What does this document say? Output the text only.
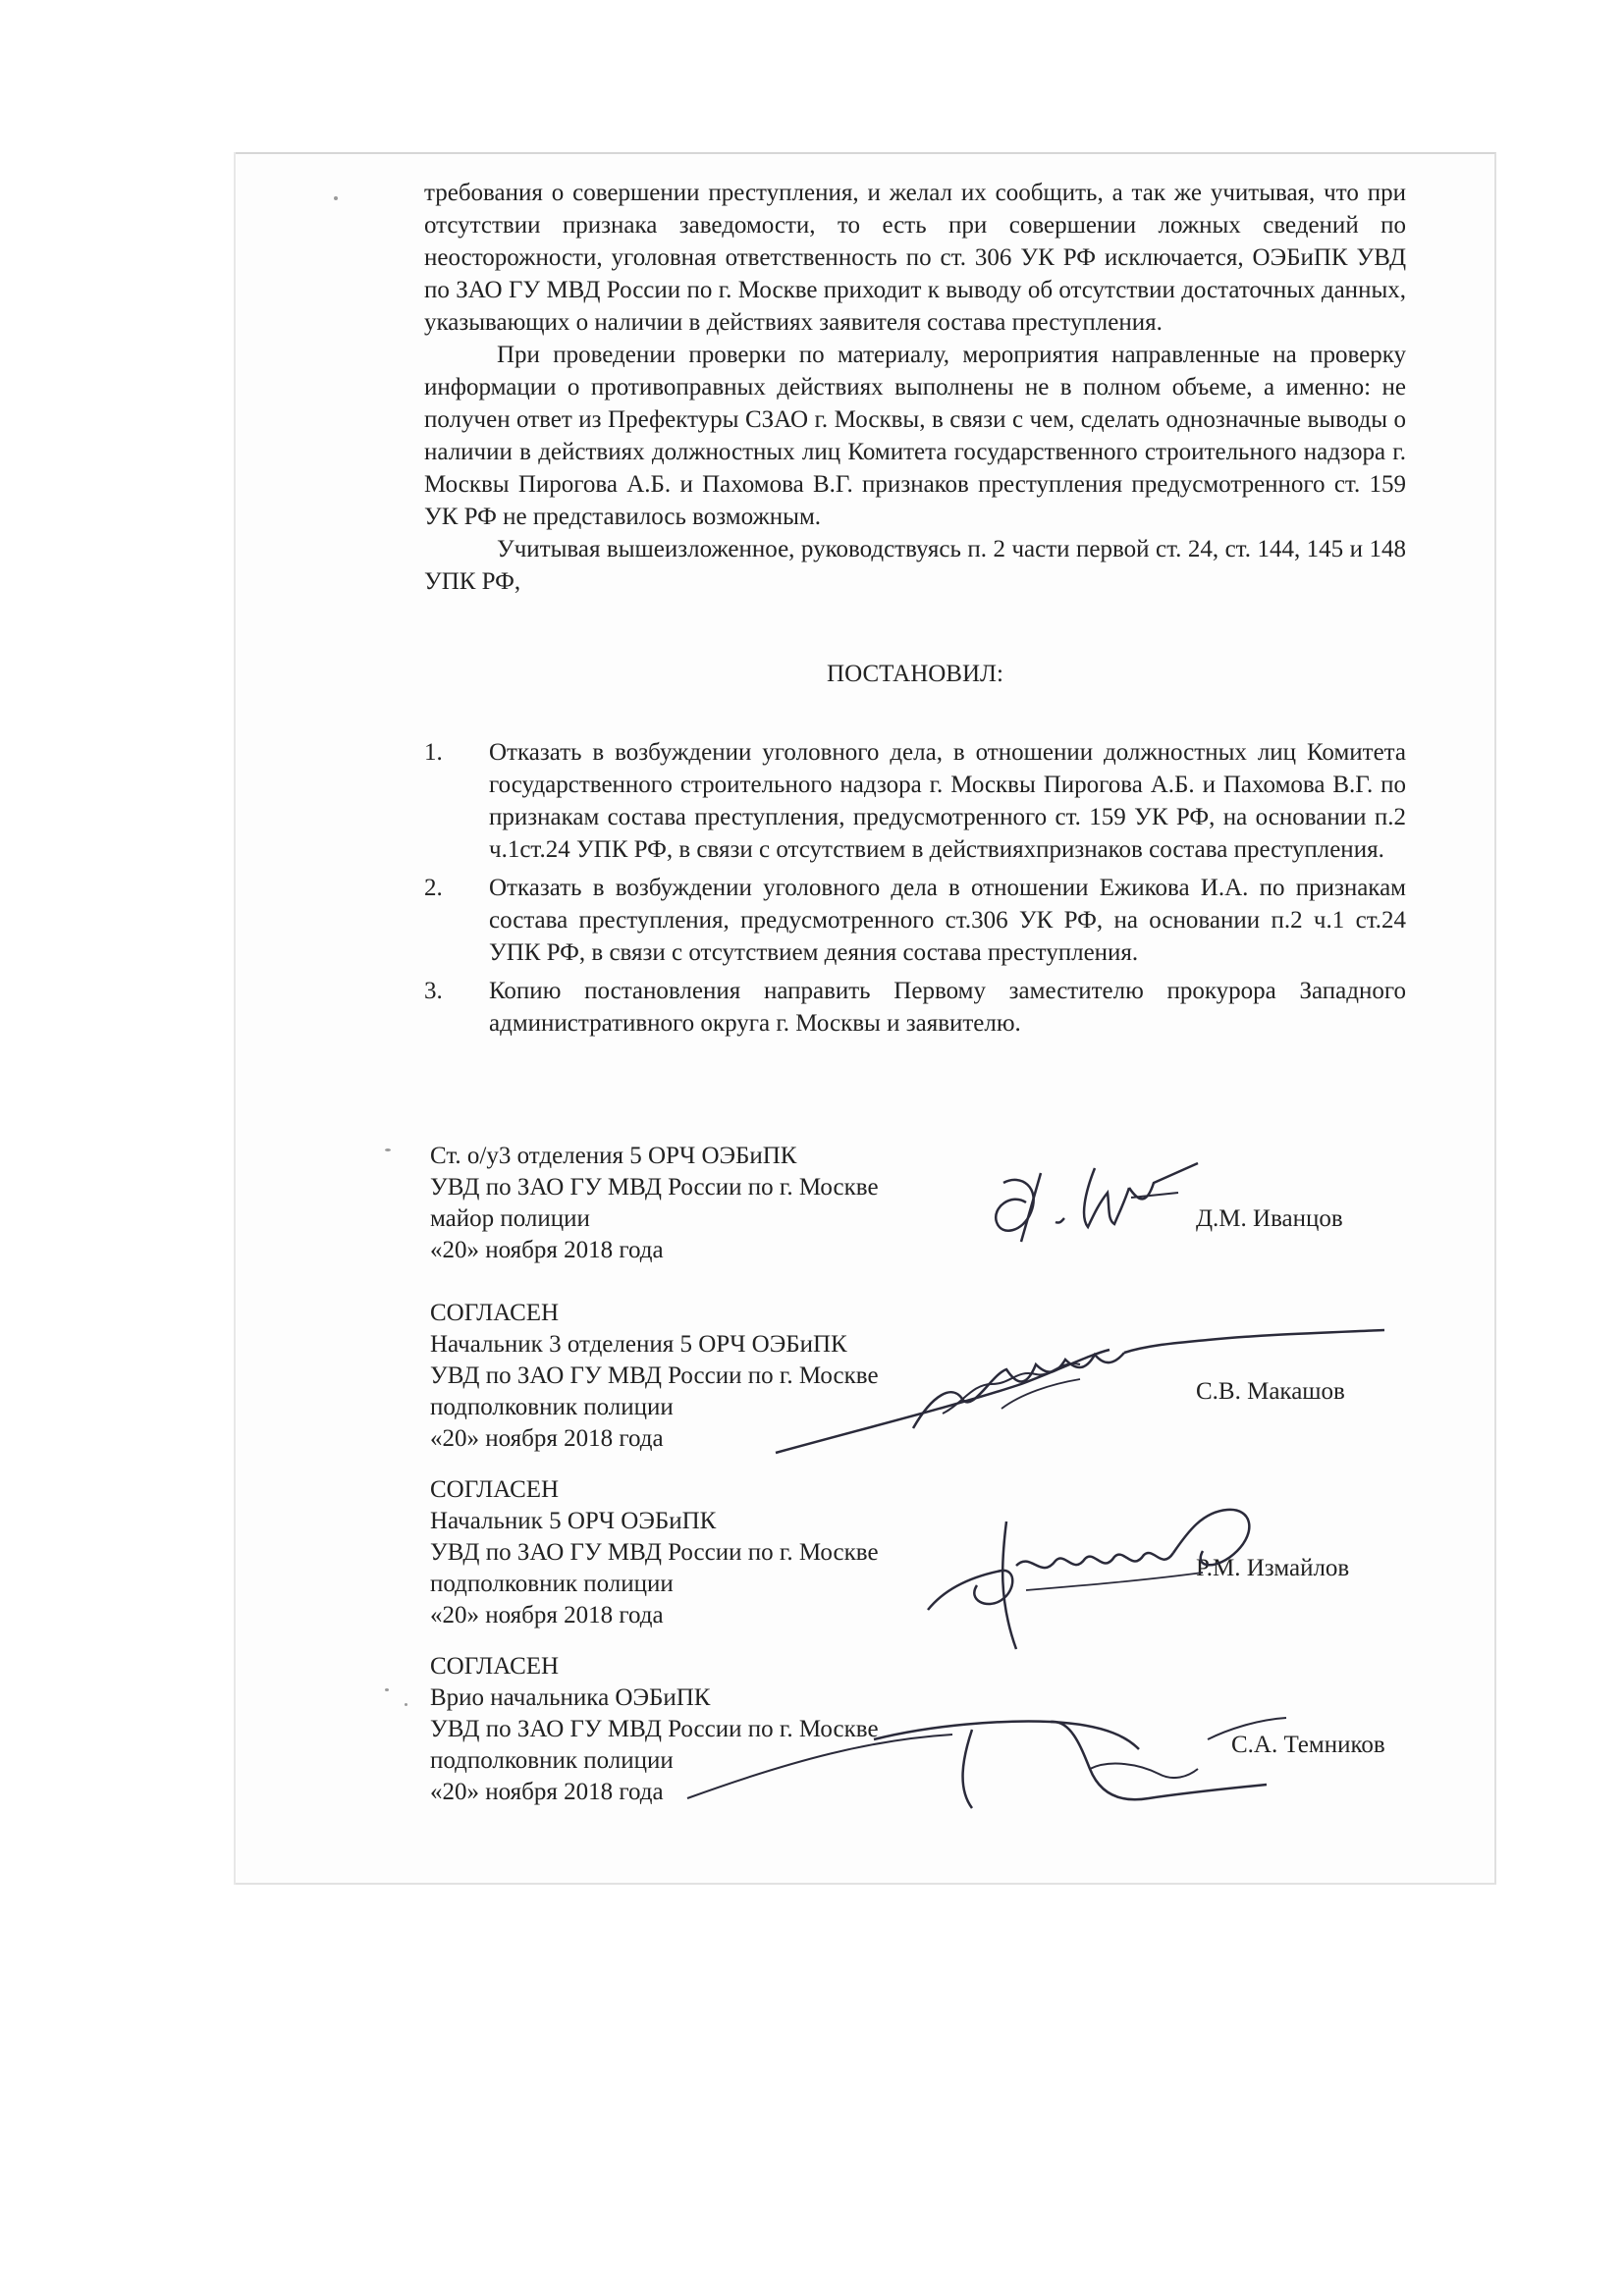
требования о совершении преступления, и желал их сообщить, а так же учитывая, что при отсутствии признака заведомости, то есть при совершении ложных сведений по неосторожности, уголовная ответственность по ст. 306 УК РФ исключается, ОЭБиПК УВД по ЗАО ГУ МВД России по г. Москве приходит к выводу об отсутствии достаточных данных, указывающих о наличии в действиях заявителя состава преступления.

При проведении проверки по материалу, мероприятия направленные на проверку информации о противоправных действиях выполнены не в полном объеме, а именно: не получен ответ из Префектуры СЗАО г. Москвы, в связи с чем, сделать однозначные выводы о наличии в действиях должностных лиц Комитета государственного строительного надзора г. Москвы Пирогова А.Б. и Пахомова В.Г. признаков преступления предусмотренного ст. 159 УК РФ не представилось возможным.

Учитывая вышеизложенное, руководствуясь п. 2 части первой ст. 24, ст. 144, 145 и 148 УПК РФ,

ПОСТАНОВИЛ:
1.	Отказать в возбуждении уголовного дела, в отношении должностных лиц Комитета государственного строительного надзора г. Москвы Пирогова А.Б. и Пахомова В.Г. по признакам состава преступления, предусмотренного ст. 159 УК РФ, на основании п.2 ч.1ст.24 УПК РФ, в связи с отсутствием в действияхпризнаков состава преступления.
2.	Отказать в возбуждении уголовного дела в отношении Ежикова И.А. по признакам состава преступления, предусмотренного ст.306 УК РФ, на основании п.2 ч.1 ст.24 УПК РФ, в связи с отсутствием деяния состава преступления.
3.	Копию постановления направить Первому заместителю прокурора Западного административного округа г. Москвы и заявителю.
Ст. о/у3 отделения 5 ОРЧ ОЭБиПК
УВД по ЗАО ГУ МВД России по г. Москве
майор полиции
«20» ноября 2018 года
Д.М. Иванцов
СОГЛАСЕН
Начальник 3 отделения 5 ОРЧ ОЭБиПК
УВД по ЗАО ГУ МВД России по г. Москве
подполковник полиции
«20» ноября 2018 года
С.В. Макашов
СОГЛАСЕН
Начальник 5 ОРЧ ОЭБиПК
УВД по ЗАО ГУ МВД России по г. Москве
подполковник полиции
«20» ноября 2018 года
Р.М. Измайлов
СОГЛАСЕН
Врио начальника ОЭБиПК
УВД по ЗАО ГУ МВД России по г. Москве
подполковник полиции
«20» ноября 2018 года
С.А. Темников
